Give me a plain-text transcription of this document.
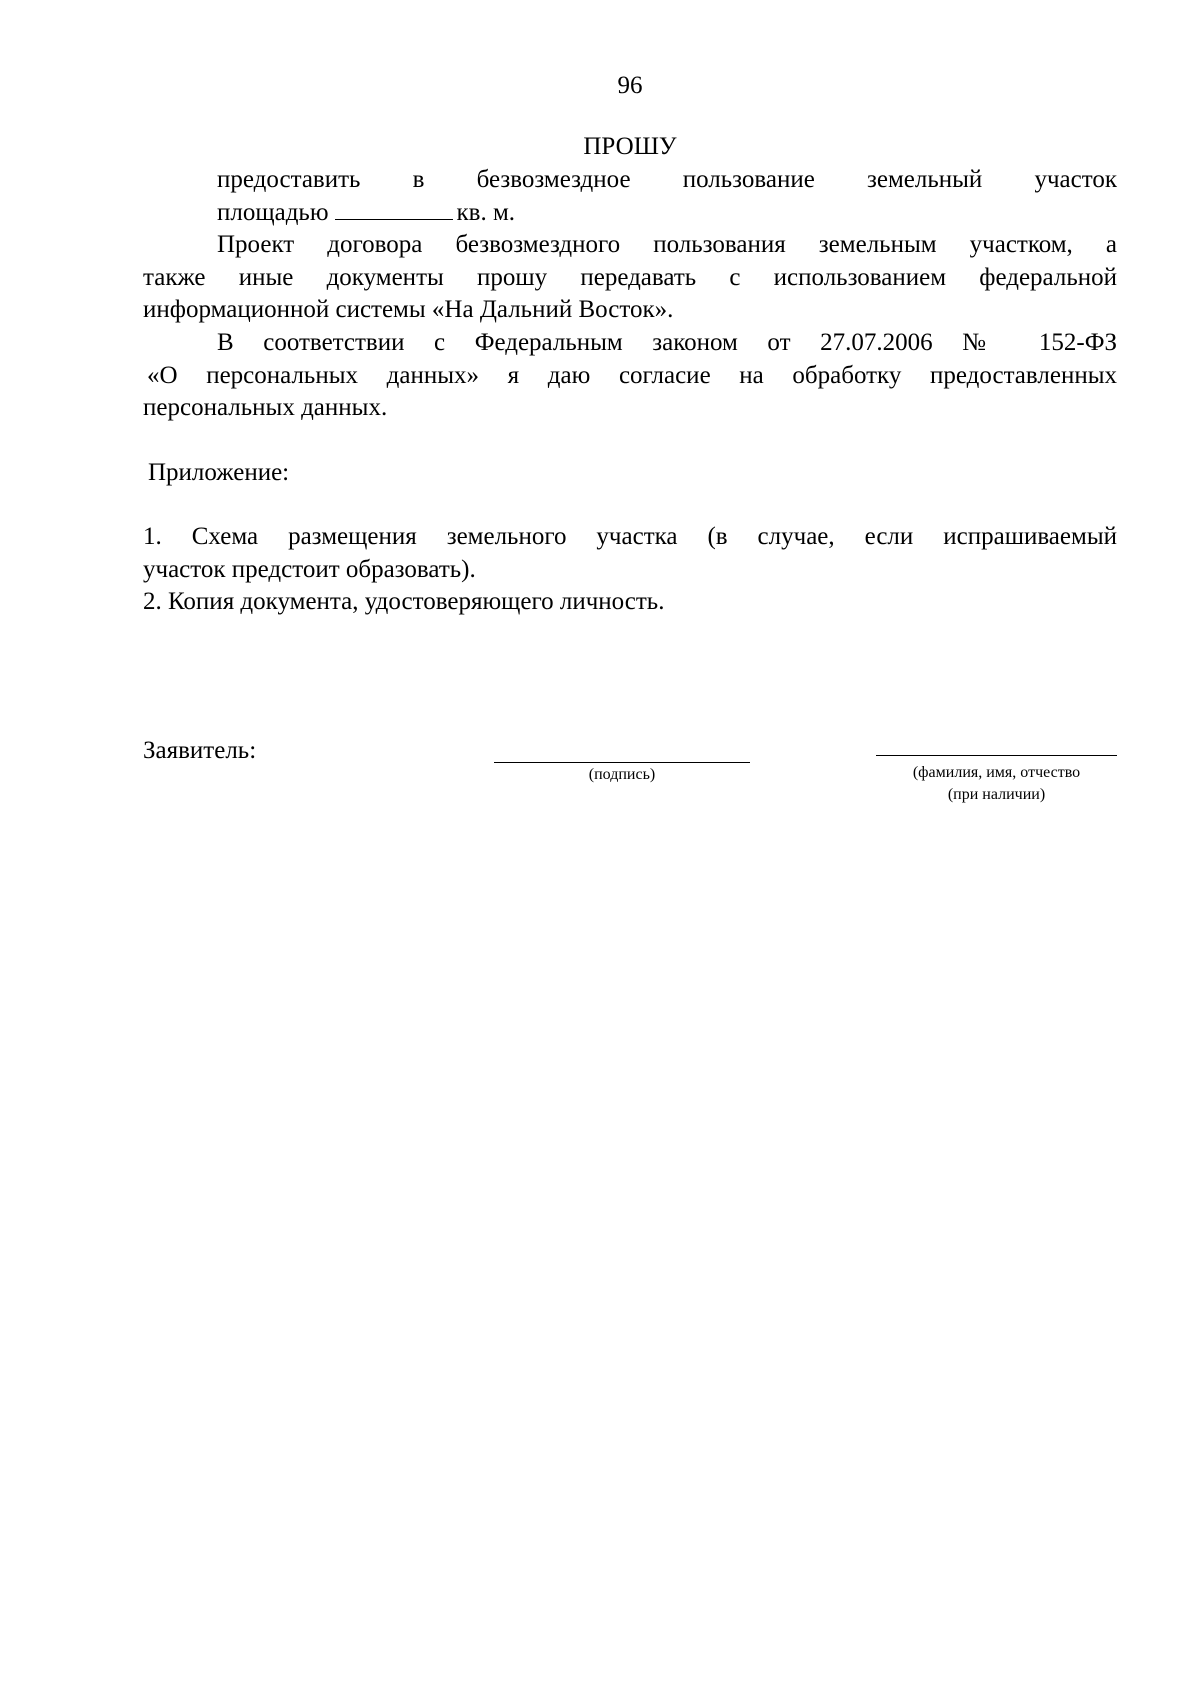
96
ПРОШУ
предоставить в безвозмездное пользование земельный участок
площадью	кв. м.
Проект договора безвозмездного пользования земельным участком, а
также иные документы прошу передавать с использованием федеральной
информационной системы «На Дальний Восток».
В соответствии с Федеральным законом от 27.07.2006 № 152-ФЗ
«О персональных данных» я даю согласие на обработку предоставленных
персональных данных.
Приложение:
1. Схема размещения земельного участка (в случае, если испрашиваемый
участок предстоит образовать).
2. Копия документа, удостоверяющего личность.
Заявитель:
(подпись)	(фамилия, имя, отчество
(при наличии)
